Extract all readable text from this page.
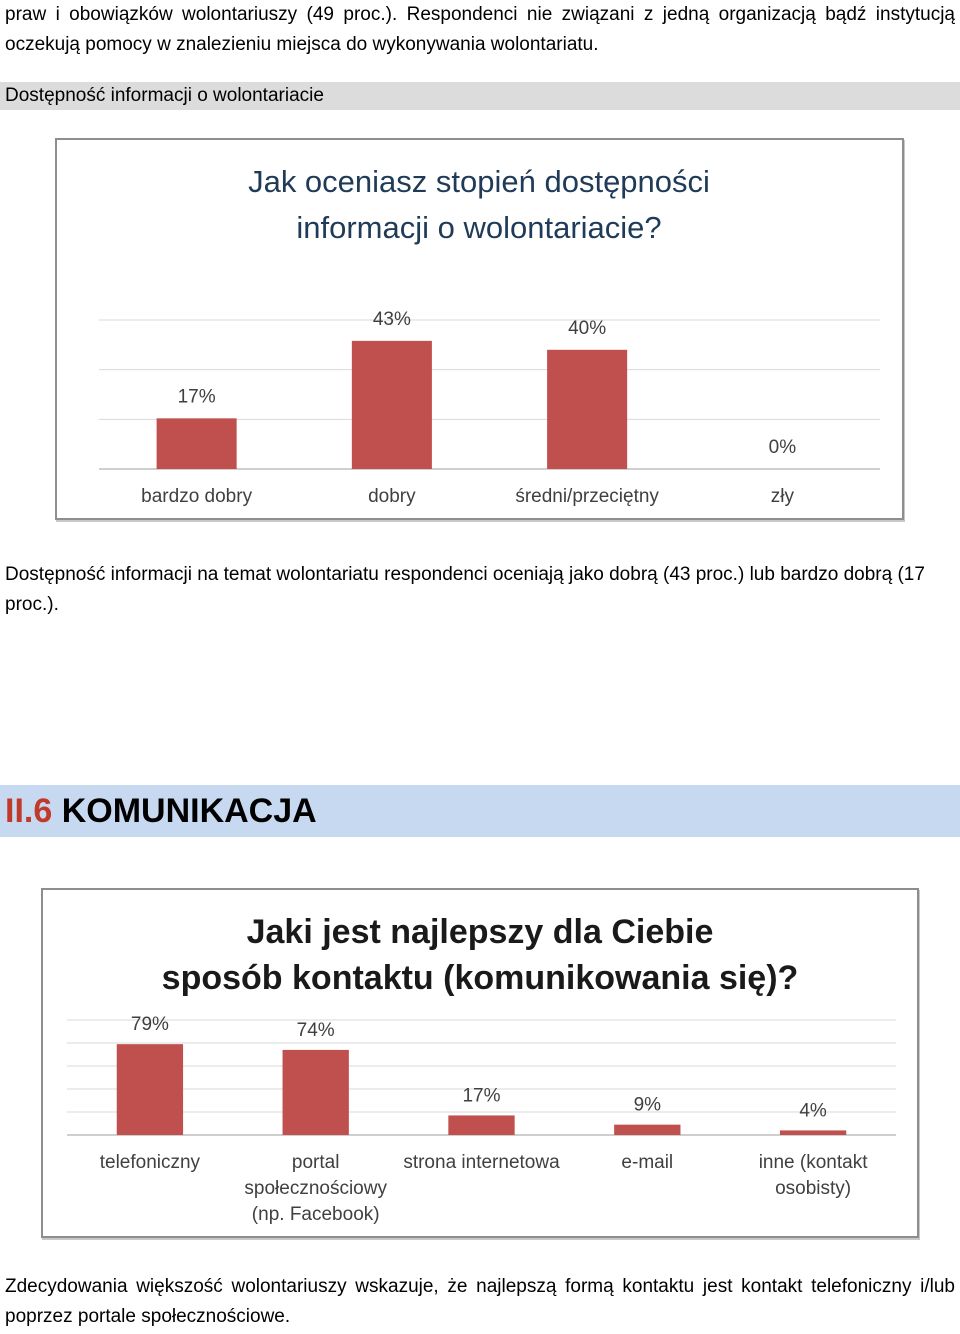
praw i obowiązków wolontariuszy (49 proc.). Respondenci nie związani z jedną organizacją bądź instytucją oczekują pomocy w znalezieniu miejsca do wykonywania wolontariatu.

Dostępność informacji o wolontariacie
Jak oceniasz stopień dostępności
informacji o wolontariacie?
17%
bardzo dobry
43%
dobry
40%
średni/przeciętny
0%
zły

Dostępność informacji na temat wolontariatu respondenci oceniają jako dobrą (43 proc.) lub bardzo dobrą (17 proc.).

II.6 KOMUNIKACJA
Jaki jest najlepszy dla Ciebie
sposób kontaktu (komunikowania się)?
79%
telefoniczny
74%
portal
społecznościowy
(np. Facebook)
17%
strona internetowa
9%
e-mail
4%
inne (kontakt
osobisty)

Zdecydowania większość wolontariuszy wskazuje, że najlepszą formą kontaktu jest kontakt telefoniczny i/lub poprzez portale społecznościowe.
